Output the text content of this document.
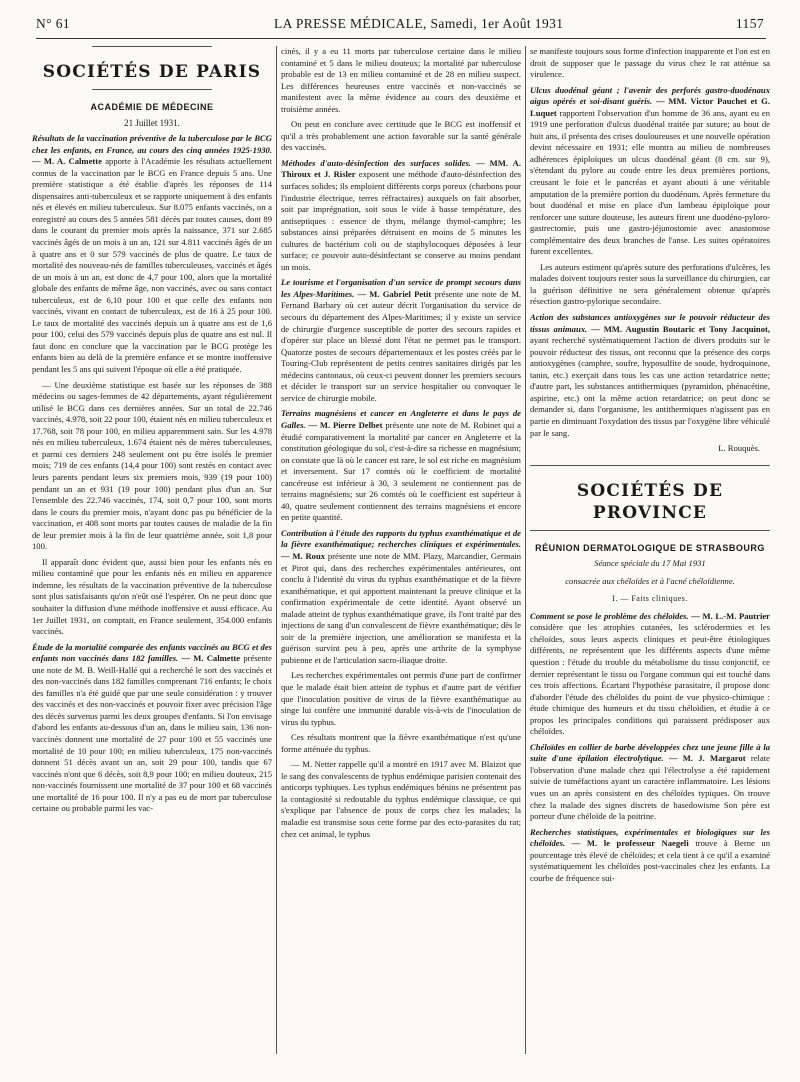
N° 61	LA PRESSE MÉDICALE, Samedi, 1er Août 1931	1157
SOCIÉTÉS DE PARIS
ACADÉMIE DE MÉDECINE
21 Juillet 1931.

Résultats de la vaccination préventive de la tuberculose par le BCG chez les enfants, en France, au cours des cinq années 1925-1930. — M. A. Calmette apporte à l'Académie les résultats actuellement connus de la vaccination par le BCG en France depuis 5 ans. Une première statistique a été établie d'après les réponses de 114 dispensaires anti-tuberculeux et se rapporte uniquement à des enfants nés et élevés en milieu tuberculeux. Sur 8.075 enfants vaccinés, on a enregistré au cours des 5 années 581 décès par toutes causes, dont 89 dans le courant du premier mois après la naissance, 371 sur 2.685 vaccinés âgés de un mois à un an, 121 sur 4.811 vaccinés âgés de un à quatre ans et 0 sur 579 vaccinés de plus de quatre. Le taux de mortalité des nouveau-nés de familles tuberculeuses, vaccinés et âgés de un mois à un an, est donc de 4,7 pour 100, alors que la mortalité globale des enfants de même âge, non vaccinés, avec ou sans contact tuberculeux, est de 6,10 pour 100 et que celle des enfants non vaccinés, vivant en contact de tuberculeux, est de 16 à 25 pour 100. Le taux de mortalité des vaccinés depuis un à quatre ans est de 1,6 pour 100, celui des 579 vaccinés depuis plus de quatre ans est nul. Il faut donc en conclure que la vaccination par le BCG protège les enfants bien au delà de la première enfance et se montre inoffensive pendant les 5 ans qui suivent l'époque où elle a été pratiquée.

— Une deuxième statistique est basée sur les réponses de 388 médecins ou sages-femmes de 42 départements, ayant régulièrement utilisé le BCG dans ces dernières années. Sur un total de 22.746 vaccinés, 4.978, soit 22 pour 100, étaient nés en milieu tuberculeux et 17.768, soit 78 pour 100, en milieu apparemment sain. Sur les 4.978 nés en milieu tuberculeux, 1.674 étaient nés de mères tuberculeuses, et parmi ces derniers 248 seulement ont pu être isolés le premier mois; 719 de ces enfants (14,4 pour 100) sont restés en contact avec leurs parents pendant leurs six premiers mois, 939 (19 pour 100) pendant un an et 931 (19 pour 100) pendant plus d'un an. Sur l'ensemble des 22.746 vaccinés, 174, soit 0,7 pour 100, sont morts dans le cours du premier mois, n'ayant donc pas pu bénéficier de la vaccination, et 408 sont morts par toutes causes de maladie de la fin de leur premier mois à la fin de leur quatrième année, soit 1,8 pour 100.

Il apparaît donc évident que, aussi bien pour les enfants nés en milieu contaminé que pour les enfants nés en milieu en apparence indemne, les résultats de la vaccination préventive de la tuberculose sont plus satisfaisants qu'on n'eût osé l'espérer. On ne peut donc que souhaiter la diffusion d'une méthode inoffensive et aussi efficace. Au 1er Juillet 1931, on comptait, en France seulement, 354.000 enfants vaccinés.

Étude de la mortalité comparée des enfants vaccinés au BCG et des enfants non vaccinés dans 182 familles. — M. Calmette présente une note de M. B. Weill-Hallé qui a recherché le sort des vaccinés et des non-vaccinés dans 182 familles comprenant 716 enfants; le choix des familles n'a été guidé que par une seule considération : y trouver des vaccinés et des non-vaccinés et pouvoir fixer avec précision l'âge des décès survenus parmi les deux groupes d'enfants. Si l'on envisage d'abord les enfants au-dessous d'un an, dans le milieu sain, 136 non-vaccinés donnent une mortalité de 27 pour 100 et 55 vaccinés une mortalité de 10 pour 100; en milieu tuberculeux, 175 non-vaccinés donnent 51 décès avant un an, soit 29 pour 100, tandis que 67 vaccinés n'ont que 6 décès, soit 8,9 pour 100; en milieu douteux, 215 non-vaccinés fournissent une mortalité de 37 pour 100 et 68 vaccinés une mortalité de 16 pour 100. Il n'y a pas eu de mort par tuberculose certaine ou probable parmi les vac-

cinés, il y a eu 11 morts par tuberculose certaine dans le milieu contaminé et 5 dans le milieu douteux; la mortalité par tuberculose probable est de 13 en milieu contaminé et de 28 en milieu suspect. Les différences heureuses entre vaccinés et non-vaccinés se manifestent avec la même évidence au cours des deuxième et troisième années.

On peut en conclure avec certitude que le BCG est inoffensif et qu'il a très probablement une action favorable sur la santé générale des vaccinés.

Méthodes d'auto-désinfection des surfaces solides. — MM. A. Thiroux et J. Risler exposent une méthode d'auto-désinfection des surfaces solides; ils emploient différents corps poreux (charbons pour l'industrie électrique, terres réfractaires) auxquels on fait absorber, soit par imprégnation, soit sous le vide à basse température, des antiseptiques : essence de thym, mélange thymol-camphre; les substances ainsi préparées détruisent en moins de 5 minutes les cultures de bactérium coli ou de staphylocoques déposées à leur surface; ce pouvoir auto-désinfectant se conserve au moins pendant un mois.

Le tourisme et l'organisation d'un service de prompt secours dans les Alpes-Maritimes. — M. Gabriel Petit présente une note de M. Fernand Barbary où cet auteur décrit l'organisation du service de secours du département des Alpes-Maritimes; il y existe un service de chirurgie d'urgence susceptible de porter des secours rapides et d'opérer sur place un blessé dont l'état ne permet pas le transport. Quatorze postes de secours départementaux et les postes créés par le Touring-Club représentent de petits centres sanitaires dirigés par les médecins cantonaux, où ceux-ci peuvent donner les premiers secours et décider le transport sur un service hospitalier ou convoquer le service de chirurgie mobile.

Terrains magnésiens et cancer en Angleterre et dans le pays de Galles. — M. Pierre Delbet présente une note de M. Robinet qui a étudié comparativement la mortalité par cancer en Angleterre et la constitution géologique du sol, c'est-à-dire sa richesse en magnésium; on constate que là où le cancer est rare, le sol est riche en magnésium et inversement. Sur 17 comtés où le coefficient de mortalité cancéreuse est inférieur à 30, 3 seulement ne contiennent pas de terrains magnésiens; sur 26 comtés où le coefficient est supérieur à 40, quatre seulement contiennent des terrains magnésiens et encore en petite quantité.

Contribution à l'étude des rapports du typhus exanthématique et de la fièvre exanthématique; recherches cliniques et expérimentales. — M. Roux présente une note de MM. Plazy, Marcandier, Germain et Pirot qui, dans des recherches expérimentales antérieures, ont conclu à l'identité du virus du typhus exanthématique et de la fièvre exanthématique, et qui apportent maintenant la preuve clinique et la confirmation expérimentale de cette identité. Ayant observé un malade atteint de typhus exanthématique grave, ils l'ont traité par des injections de sang d'un convalescent de fièvre exanthématique; dès le soir de la première injection, une amélioration se manifesta et la guérison survint peu à peu, après une arthrite de la symphyse pubienne et de l'articulation sacro-iliaque droite.

Les recherches expérimentales ont permis d'une part de confirmer que le malade était bien atteint de typhus et d'autre part de vérifier que l'inoculation positive de virus de la fièvre exanthématique au singe lui confère une immunité durable vis-à-vis de l'inoculation de virus du typhus.

Ces résultats montrent que la fièvre exanthématique n'est qu'une forme atténuée du typhus.

— M. Netter rappelle qu'il a montré en 1917 avec M. Blaizot que le sang des convalescents de typhus endémique parisien contenait des anticorps typhiques. Les typhus endémiques bénins ne présentent pas la contagiosité si redoutable du typhus endémique classique, ce qui s'explique par l'absence de poux de corps chez les malades; la maladie est transmise sous cette forme par des ecto-parasites du rat; chez cet animal, le typhus

se manifeste toujours sous forme d'infection inapparente et l'on est en droit de supposer que le passage du virus chez le rat atténue sa virulence.

Ulcus duodénal géant ; l'avenir des perforés gastro-duodénaux aigus opérés et soi-disant guéris. — MM. Victor Pauchet et G. Luquet rapportent l'observation d'un homme de 36 ans, ayant eu en 1919 une perforation d'ulcus duodénal traitée par suture; au bout de huit ans, il présenta des crises douloureuses et une nouvelle opération devint nécessaire en 1931; elle montra au milieu de nombreuses adhérences épiploïques un ulcus duodénal géant (8 cm. sur 9), s'étendant du pylore au coude entre les deux premières portions, creusant le foie et le pancréas et ayant abouti à une véritable amputation de la première portion du duodénum. Après fermeture du bout duodénal et mise en place d'un lambeau épiploïque pour renforcer une suture douteuse, les auteurs firent une duodéno-pyloro-gastrectomie, puis une gastro-jéjunostomie avec anastomose complémentaire des deux branches de l'anse. Les suites opératoires furent excellentes.

Les auteurs estiment qu'après suture des perforations d'ulcères, les malades doivent toujours rester sous la surveillance du chirurgien, car la guérison définitive ne sera généralement obtenue qu'après résection gastro-pylorique secondaire.

Action des substances antioxygènes sur le pouvoir réducteur des tissus animaux. — MM. Augustin Boutaric et Tony Jacquinot, ayant recherché systématiquement l'action de divers produits sur le pouvoir réducteur des tissus, ont reconnu que la présence des corps antioxygènes (camphre, soufre, hyposulfite de soude, hydroquinone, tanin, etc.) exerçait dans tous les cas une action retardatrice nette; d'autre part, les substances antithermiques (pyramidon, phénacétine, aspirine, etc.) ont la même action retardatrice; on peut donc se demander si, dans l'organisme, les antithermiques n'agissent pas en partie en diminuant l'oxydation des tissus par l'oxygène libre véhiculé par le sang.

L. Rouquès.
SOCIÉTÉS DE PROVINCE
RÉUNION DERMATOLOGIQUE DE STRASBOURG
Séance spéciale du 17 Mai 1931
consacrée aux chéloïdes et à l'acné chéloïdienne.
I. — Faits cliniques.

Comment se pose le problème des chéloïdes. — M. L.-M. Pautrier considère que les atrophies cutanées, les sclérodermies et les chéloïdes, sous leurs aspects cliniques et peut-être étiologiques différents, ne représentent que les différents aspects d'une même question : l'étude du trouble du métabolisme du tissu conjonctif, ce dernier représentant le tissu ou l'organe commun qui est touché dans ces trois affections. Écartant l'hypothèse parasitaire, il propose donc d'aborder l'étude des chéloïdes du point de vue physico-chimique : étude chimique des humeurs et du tissu chéloïdien, et étudie à ce propos les principales conditions qui paraissent prédisposer aux chéloïdes.

Chéloïdes en collier de barbe développées chez une jeune fille à la suite d'une épilation électrolytique. — M. J. Margarot relate l'observation d'une malade chez qui l'électrolyse a été rapidement suivie de tuméfactions ayant un caractère inflammatoire. Les lésions vues un an après consistent en des chéloïdes typiques. On trouve chez la malade des signes discrets de basedowisme Son père est porteur d'une chéloïde de la poitrine.

Recherches statistiques, expérimentales et biologiques sur les chéloïdes. — M. le professeur Naegeli trouve à Berne un pourcentage très élevé de chéloïdes; et cela tient à ce qu'il a examiné systématiquement les chéloïdes post-vaccinales chez les enfants. La courbe de fréquence sui-
